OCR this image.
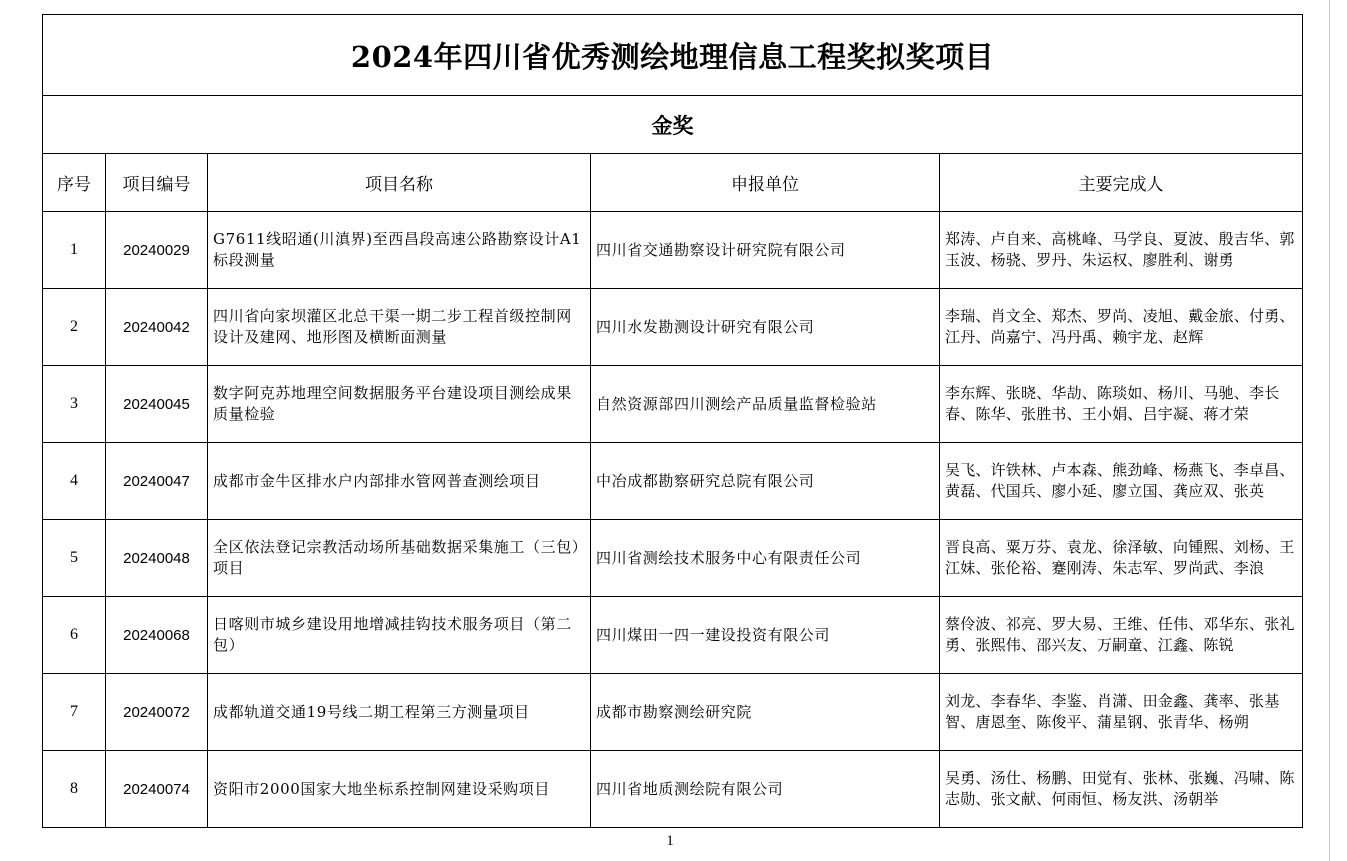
2024年四川省优秀测绘地理信息工程奖拟奖项目				
金奖				
序号	项目编号	项目名称	申报单位	主要完成人
1	20240029	G7611线昭通(川滇界)至西昌段高速公路勘察设计A1标段测量	四川省交通勘察设计研究院有限公司	郑涛、卢自来、高桃峰、马学良、夏波、殷吉华、郭玉波、杨骁、罗丹、朱运权、廖胜利、谢勇
2	20240042	四川省向家坝灌区北总干渠一期二步工程首级控制网设计及建网、地形图及横断面测量	四川水发勘测设计研究有限公司	李瑞、肖文全、郑杰、罗尚、凌旭、戴金旅、付勇、江丹、尚嘉宁、冯丹禹、赖宇龙、赵辉
3	20240045	数字阿克苏地理空间数据服务平台建设项目测绘成果质量检验	自然资源部四川测绘产品质量监督检验站	李东辉、张晓、华劼、陈琰如、杨川、马驰、李长春、陈华、张胜书、王小娟、吕宇凝、蒋才荣
4	20240047	成都市金牛区排水户内部排水管网普查测绘项目	中冶成都勘察研究总院有限公司	吴飞、许铁林、卢本森、熊劲峰、杨燕飞、李卓昌、黄磊、代国兵、廖小延、廖立国、龚应双、张英
5	20240048	全区依法登记宗教活动场所基础数据采集施工（三包）项目	四川省测绘技术服务中心有限责任公司	晋良高、粟万芬、袁龙、徐泽敏、向锺熙、刘杨、王江妹、张伦裕、蹇刚涛、朱志军、罗尚武、李浪
6	20240068	日喀则市城乡建设用地增减挂钩技术服务项目（第二包）	四川煤田一四一建设投资有限公司	蔡伶波、祁亮、罗大易、王维、任伟、邓华东、张礼勇、张熙伟、邵兴友、万嗣童、江鑫、陈锐
7	20240072	成都轨道交通19号线二期工程第三方测量项目	成都市勘察测绘研究院	刘龙、李春华、李鉴、肖潇、田金鑫、龚率、张基智、唐恩奎、陈俊平、蒲星钢、张青华、杨朔
8	20240074	资阳市2000国家大地坐标系控制网建设采购项目	四川省地质测绘院有限公司	吴勇、汤仕、杨鹏、田觉有、张林、张巍、冯啸、陈志勋、张文献、何雨恒、杨友洪、汤朝举
1
